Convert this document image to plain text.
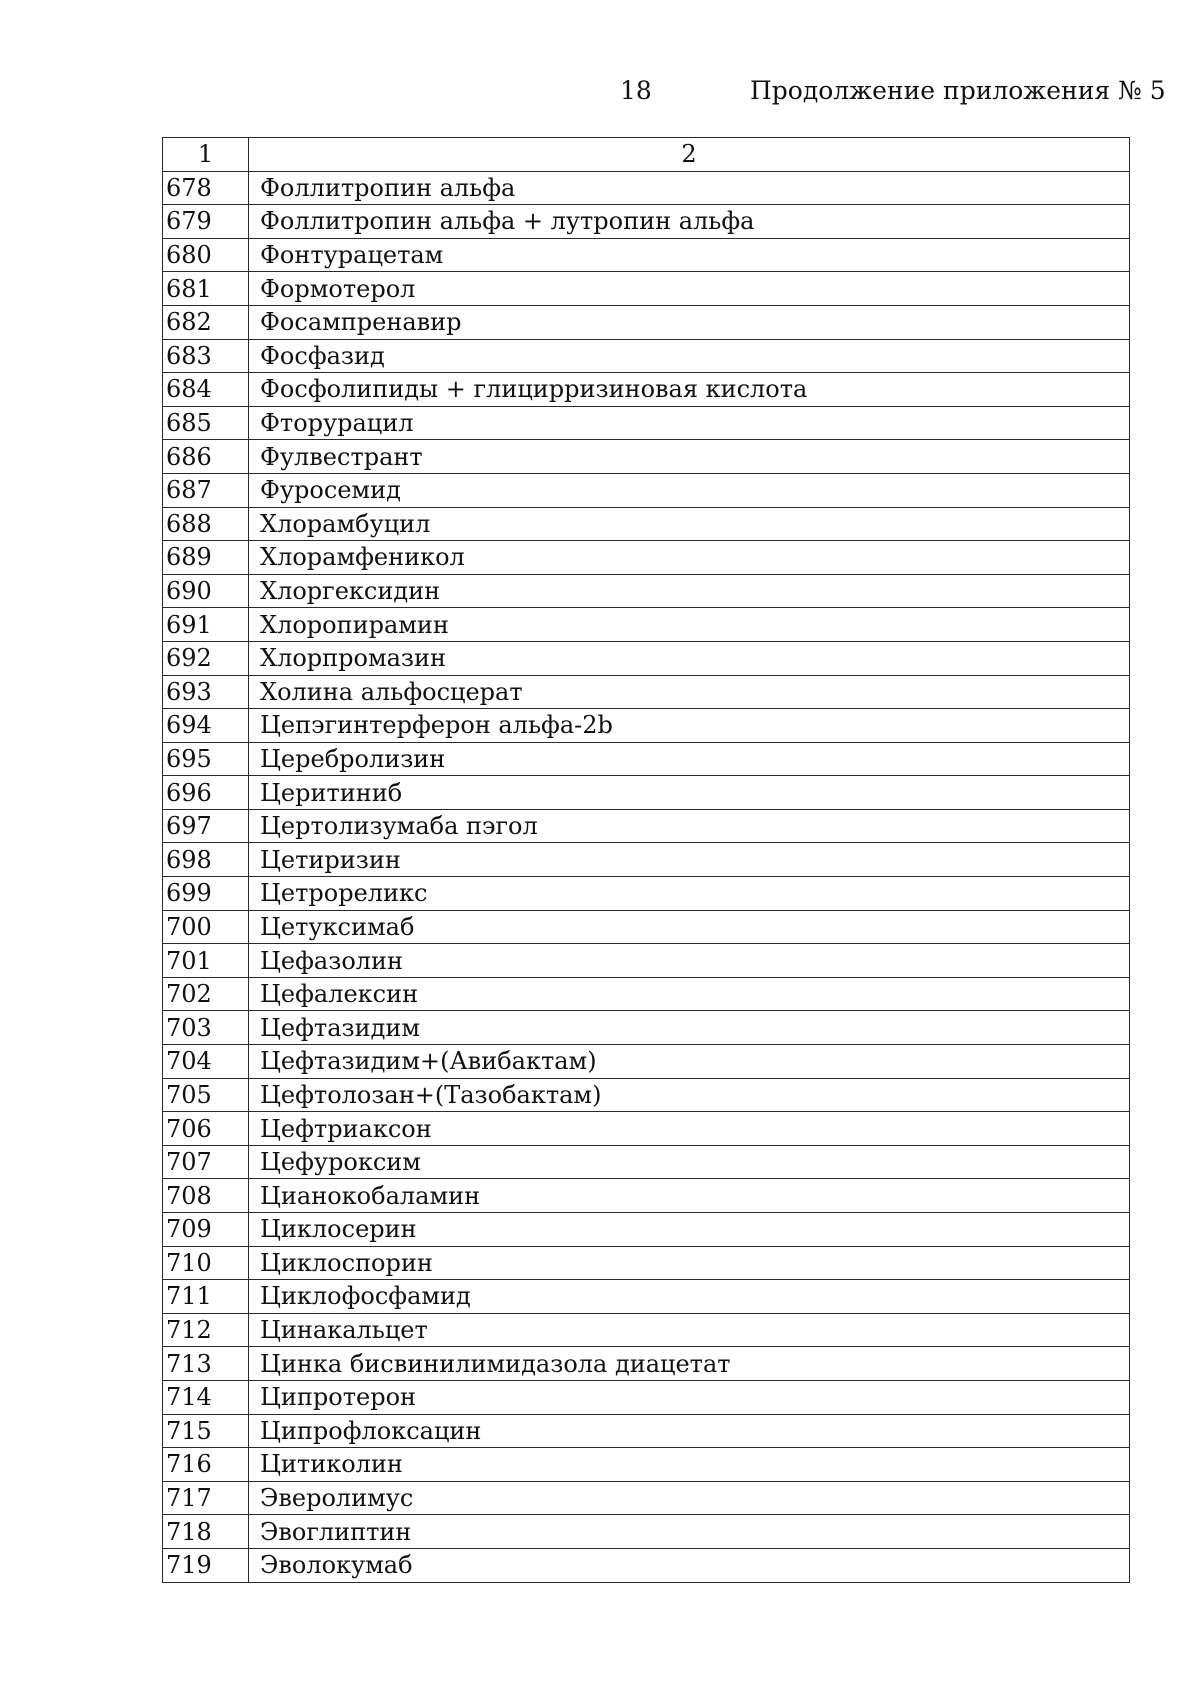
18	Продолжение приложения № 5
1	2
678	Фоллитропин альфа
679	Фоллитропин альфа + лутропин альфа
680	Фонтурацетам
681	Формотерол
682	Фосампренавир
683	Фосфазид
684	Фосфолипиды + глицирризиновая кислота
685	Фторурацил
686	Фулвестрант
687	Фуросемид
688	Хлорамбуцил
689	Хлорамфеникол
690	Хлоргексидин
691	Хлоропирамин
692	Хлорпромазин
693	Холина альфосцерат
694	Цепэгинтерферон альфа-2b
695	Церебролизин
696	Церитиниб
697	Цертолизумаба пэгол
698	Цетиризин
699	Цетрореликс
700	Цетуксимаб
701	Цефазолин
702	Цефалексин
703	Цефтазидим
704	Цефтазидим+(Авибактам)
705	Цефтолозан+(Тазобактам)
706	Цефтриаксон
707	Цефуроксим
708	Цианокобаламин
709	Циклосерин
710	Циклоспорин
711	Циклофосфамид
712	Цинакальцет
713	Цинка бисвинилимидазола диацетат
714	Ципротерон
715	Ципрофлоксацин
716	Цитиколин
717	Эверолимус
718	Эвоглиптин
719	Эволокумаб
